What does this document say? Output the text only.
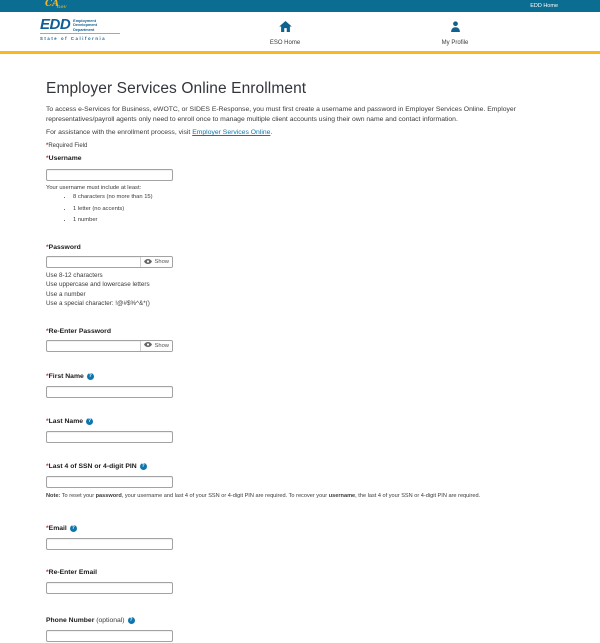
CA
GOV	EDD Home
EDD Employment
Development
Department
State of California
ESO Home	My Profile
Employer Services Online Enrollment

To access e-Services for Business, eWOTC, or SIDES E-Response, you must first create a username and password in Employer Services Online. Employer representatives/payroll agents only need to enroll once to manage multiple client accounts using their own name and contact information.

For assistance with the enrollment process, visit Employer Services Online.

*Required Field

*Username
Your username must include at least:
• 8 characters (no more than 15)
• 1 letter (no accents)
• 1 number
*Password
Show
Use 8-12 characters
Use uppercase and lowercase letters
Use a number
Use a special character: !@#$%^&*()
*Re-Enter Password
Show
*First Name ?
*Last Name ?
*Last 4 of SSN or 4-digit PIN ?

Note: To reset your password, your username and last 4 of your SSN or 4-digit PIN are required. To recover your username, the last 4 of your SSN or 4-digit PIN are required.

*Email ?
*Re-Enter Email
Phone Number (optional) ?
